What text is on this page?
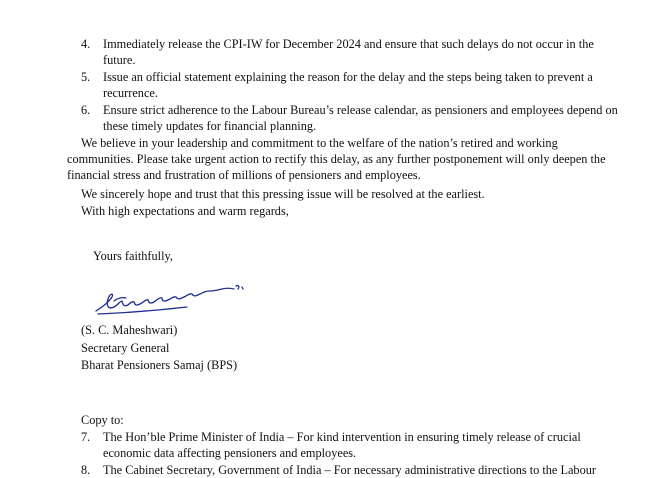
4.	Immediately release the CPI-IW for December 2024 and ensure that such delays do not occur in the future.
5.	Issue an official statement explaining the reason for the delay and the steps being taken to prevent a recurrence.
6.	Ensure strict adherence to the Labour Bureau’s release calendar, as pensioners and employees depend on these timely updates for financial planning.
We believe in your leadership and commitment to the welfare of the nation’s retired and working communities. Please take urgent action to rectify this delay, as any further postponement will only deepen the financial stress and frustration of millions of pensioners and employees.
We sincerely hope and trust that this pressing issue will be resolved at the earliest.
With high expectations and warm regards,
Yours faithfully,
(S. C. Maheshwari)
Secretary General
Bharat Pensioners Samaj (BPS)
Copy to:
7.	The Hon’ble Prime Minister of India – For kind intervention in ensuring timely release of crucial economic data affecting pensioners and employees.
8.	The Cabinet Secretary, Government of India – For necessary administrative directions to the Labour
